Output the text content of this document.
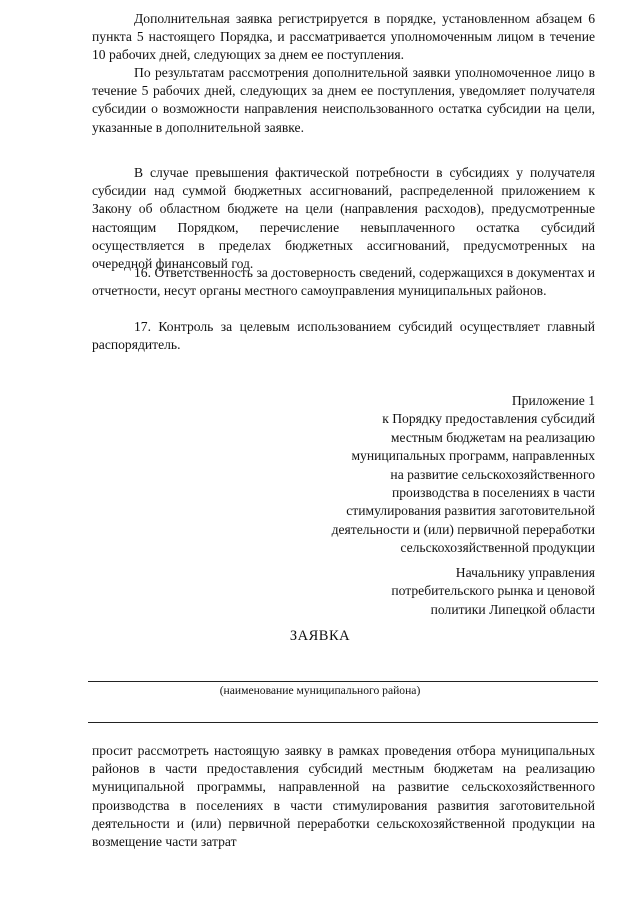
Дополнительная заявка регистрируется в порядке, установленном абзацем 6 пункта 5 настоящего Порядка, и рассматривается уполномоченным лицом в течение 10 рабочих дней, следующих за днем ее поступления.

По результатам рассмотрения дополнительной заявки уполномоченное лицо в течение 5 рабочих дней, следующих за днем ее поступления, уведомляет получателя субсидии о возможности направления неиспользованного остатка субсидии на цели, указанные в дополнительной заявке.

В случае превышения фактической потребности в субсидиях у получателя субсидии над суммой бюджетных ассигнований, распределенной приложением к Закону об областном бюджете на цели (направления расходов), предусмотренные настоящим Порядком, перечисление невыплаченного остатка субсидий осуществляется в пределах бюджетных ассигнований, предусмотренных на очередной финансовый год.

16. Ответственность за достоверность сведений, содержащихся в документах и отчетности, несут органы местного самоуправления муниципальных районов.

17. Контроль за целевым использованием субсидий осуществляет главный распорядитель.

Приложение 1
к Порядку предоставления субсидий
местным бюджетам на реализацию
муниципальных программ, направленных
на развитие сельскохозяйственного
производства в поселениях в части
стимулирования развития заготовительной
деятельности и (или) первичной переработки
сельскохозяйственной продукции
Начальнику управления
потребительского рынка и ценовой
политики Липецкой области
ЗАЯВКА
(наименование муниципального района)

просит рассмотреть настоящую заявку в рамках проведения отбора муниципальных районов в части предоставления субсидий местным бюджетам на реализацию муниципальной программы, направленной на развитие сельскохозяйственного производства в поселениях в части стимулирования развития заготовительной деятельности и (или) первичной переработки сельскохозяйственной продукции на возмещение части затрат
